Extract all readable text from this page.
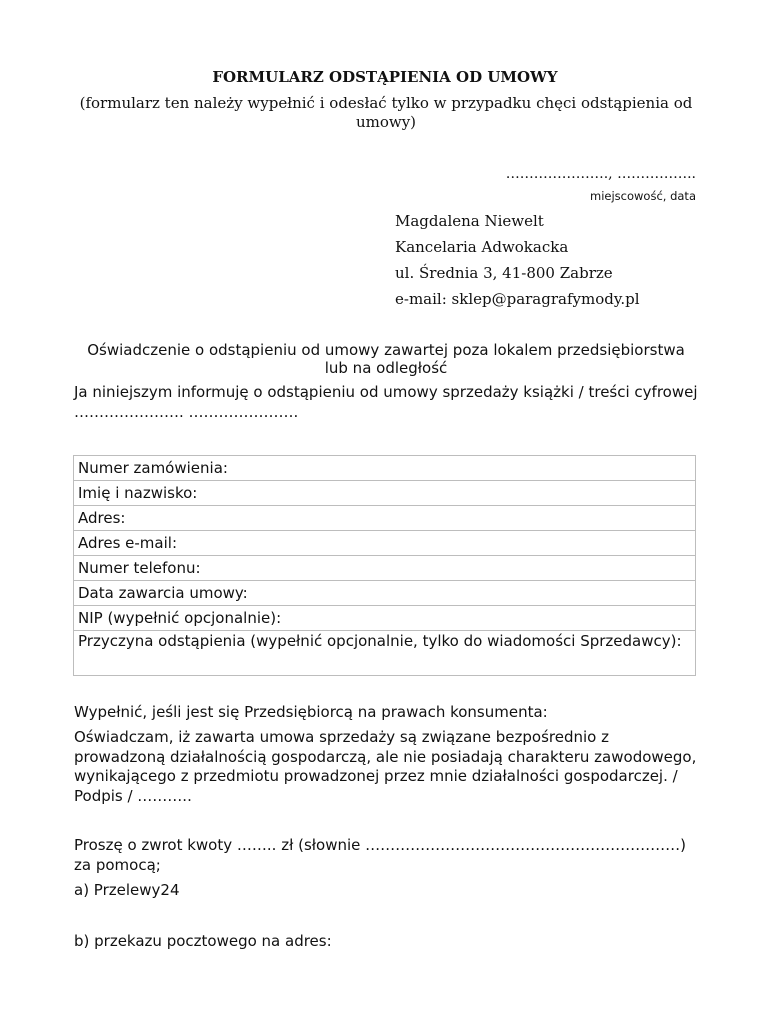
FORMULARZ ODSTĄPIENIA OD UMOWY
(formularz ten należy wypełnić i odesłać tylko w przypadku chęci odstąpienia od umowy)
…………………., ……………..
miejscowość, data
Magdalena Niewelt
Kancelaria Adwokacka
ul. Średnia 3, 41-800 Zabrze
e-mail: sklep@paragrafymody.pl
Oświadczenie o odstąpieniu od umowy zawartej poza lokalem przedsiębiorstwa lub na odległość
Ja niniejszym informuję o odstąpieniu od umowy sprzedaży książki / treści cyfrowej …………………. ………………….
Numer zamówienia:
Imię i nazwisko:
Adres:
Adres e-mail:
Numer telefonu:
Data zawarcia umowy:
NIP (wypełnić opcjonalnie):
Przyczyna odstąpienia (wypełnić opcjonalnie, tylko do wiadomości Sprzedawcy):
Wypełnić, jeśli jest się Przedsiębiorcą na prawach konsumenta:
Oświadczam, iż zawarta umowa sprzedaży są związane bezpośrednio z prowadzoną działalnością gospodarczą, ale nie posiadają charakteru zawodowego, wynikającego z przedmiotu prowadzonej przez mnie działalności gospodarczej. / Podpis / ………..
Proszę o zwrot kwoty …….. zł (słownie ………………………………………………………) za pomocą;
a) Przelewy24
b) przekazu pocztowego na adres:
